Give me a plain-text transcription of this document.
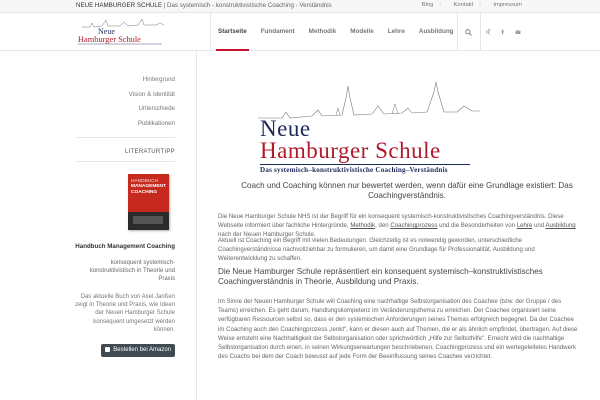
NEUE HAMBURGER SCHULE | Das systemisch - konstruktivistische Coaching - Verständnis	Blog | Kontakt | Impressum
Neue
Hamburger Schule
Startseite	Fundament	Methodik	Modelle	Lehre	Ausbildung
Hintergrund
Vision & Identität
Unterschiede
Publikationen
LITERATURTIPP
HANDBUCH
MANAGEMENT
COACHING
Handbuch Management Coaching
konsequent systemisch-konstruktivistisch in Theorie und Praxis
Das aktuelle Buch von Axel Janßen zeigt in Theorie und Praxis, wie Ideen der Neuen Hamburger Schule konsequent umgesetzt werden können.
Bestellen bei Amazon
Neue
Hamburger Schule
Das systemisch–konstruktivistische Coaching–Verständnis
Coach und Coaching können nur bewertet werden, wenn dafür eine Grundlage existiert: Das Coachingverständnis.
Die Neue Hamburger Schule NHS ist der Begriff für ein konsequent systemisch-konstruktivistisches Coachingverständnis. Diese Webseite informiert über fachliche Hintergründe, Methodik, den Coachingprozess und die Besonderheiten von Lehre und Ausbildung nach der Neuen Hamburger Schule.
Aktuell ist Coaching ein Begriff mit vielen Bedeutungen. Gleichzeitig ist es notwendig geworden, unterschiedliche Coachingverständnisse nachvollziehbar zu formulieren, um damit eine Grundlage für Professionalität, Ausbildung und Weiterentwicklung zu schaffen.
Die Neue Hamburger Schule repräsentiert ein konsequent systemisch–konstruktivistisches Coachingverständnis in Theorie, Ausbildung und Praxis.
Im Sinne der Neuen Hamburger Schule will Coaching eine nachhaltige Selbstorganisation des Coachee (bzw. der Gruppe / des Teams) erreichen. Es geht darum, Handlungskompetenz im Veränderungsthema zu erreichen. Der Coachee organisiert seine verfügbaren Ressourcen selbst so, dass er den systemischen Anforderungen seines Themas erfolgreich begegnet. Da der Coachee im Coaching auch den Coachingprozess „lenkt", kann er diesen auch auf Themen, die er als ähnlich empfindet, übertragen. Auf diese Weise entsteht eine Nachhaltigkeit der Selbstorganisation oder sprichwörtlich „Hilfe zur Selbsthilfe". Erreicht wird die nachhaltige Selbstorganisation durch einen, in seinen Wirkungserwartungen beschriebenen, Coachingprozess und ein wertegeleitetes Handwerk des Coachs bei dem der Coach bewusst auf jede Form der Beeinflussung seines Coachee verzichtet.
